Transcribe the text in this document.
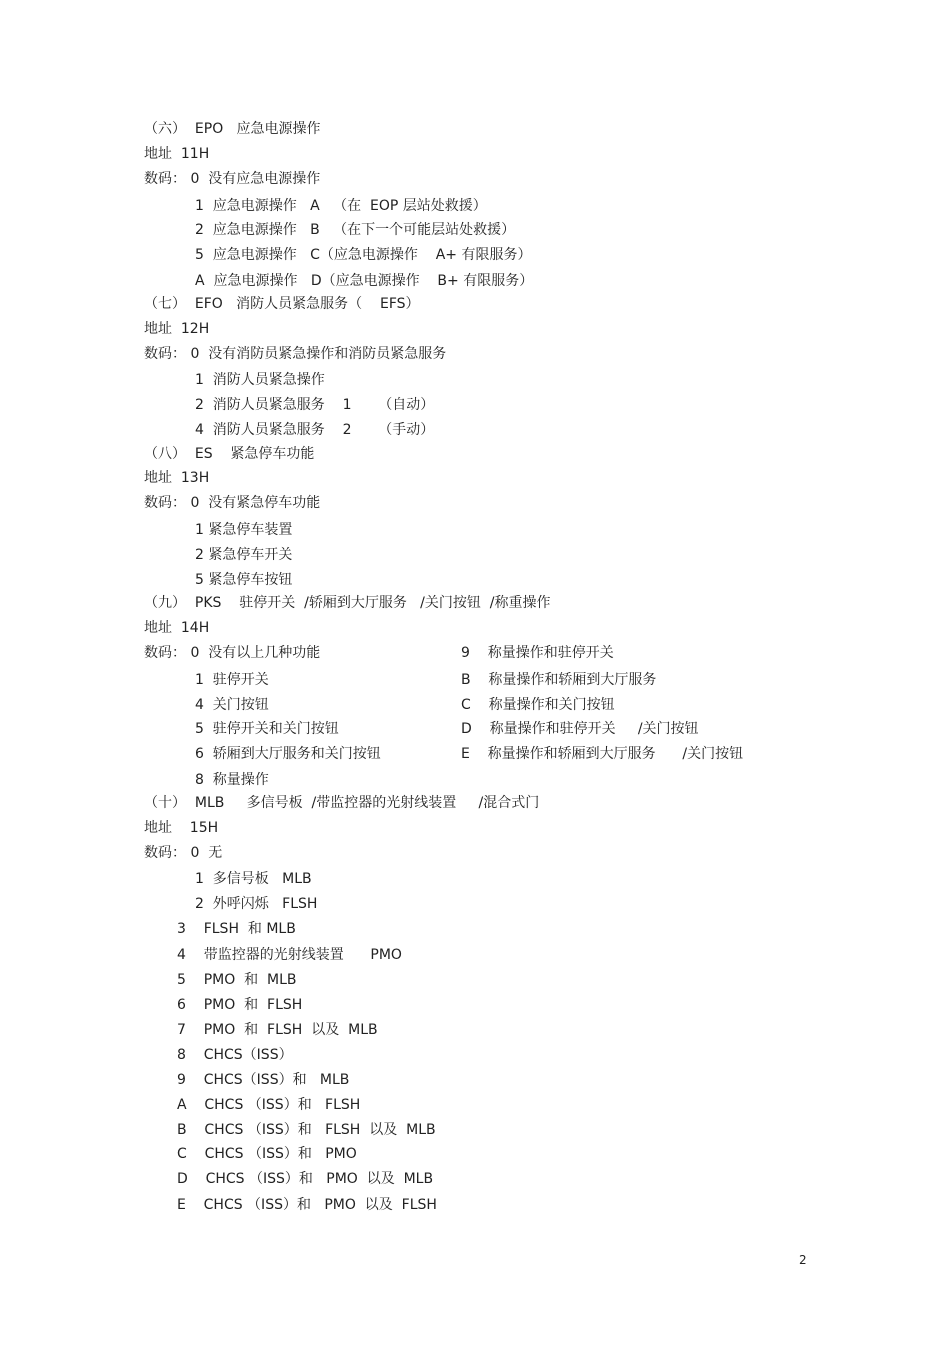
（六）  EPO   应急电源操作

地址  11H

数码： 0  没有应急电源操作

1  应急电源操作   A   （在  EOP 层站处救援）

2  应急电源操作   B   （在下一个可能层站处救援）

5  应急电源操作   C（应急电源操作    A+ 有限服务）

A  应急电源操作   D（应急电源操作    B+ 有限服务）

（七）  EFO   消防人员紧急服务（    EFS）

地址  12H

数码： 0  没有消防员紧急操作和消防员紧急服务

1  消防人员紧急操作

2  消防人员紧急服务    1      （自动）

4  消防人员紧急服务    2      （手动）

（八）  ES    紧急停车功能

地址  13H

数码： 0  没有紧急停车功能

1 紧急停车装置

2 紧急停车开关

5 紧急停车按钮

（九）  PKS    驻停开关  /轿厢到大厅服务   /关门按钮  /称重操作

地址  14H

数码： 0  没有以上几种功能

1  驻停开关

4  关门按钮

5  驻停开关和关门按钮

6  轿厢到大厅服务和关门按钮

8  称量操作

9    称量操作和驻停开关

B    称量操作和轿厢到大厅服务

C    称量操作和关门按钮

D    称量操作和驻停开关     /关门按钮

E    称量操作和轿厢到大厅服务      /关门按钮

（十）  MLB     多信号板  /带监控器的光射线装置     /混合式门

地址    15H

数码： 0  无

1  多信号板   MLB

2  外呼闪烁   FLSH

3    FLSH  和 MLB

4    带监控器的光射线装置      PMO

5    PMO  和  MLB

6    PMO  和  FLSH

7    PMO  和  FLSH  以及  MLB

8    CHCS（ISS）

9    CHCS（ISS）和   MLB

A    CHCS （ISS）和   FLSH

B    CHCS （ISS）和   FLSH  以及  MLB

C    CHCS （ISS）和   PMO

D    CHCS （ISS）和   PMO  以及  MLB

E    CHCS （ISS）和   PMO  以及  FLSH

2
